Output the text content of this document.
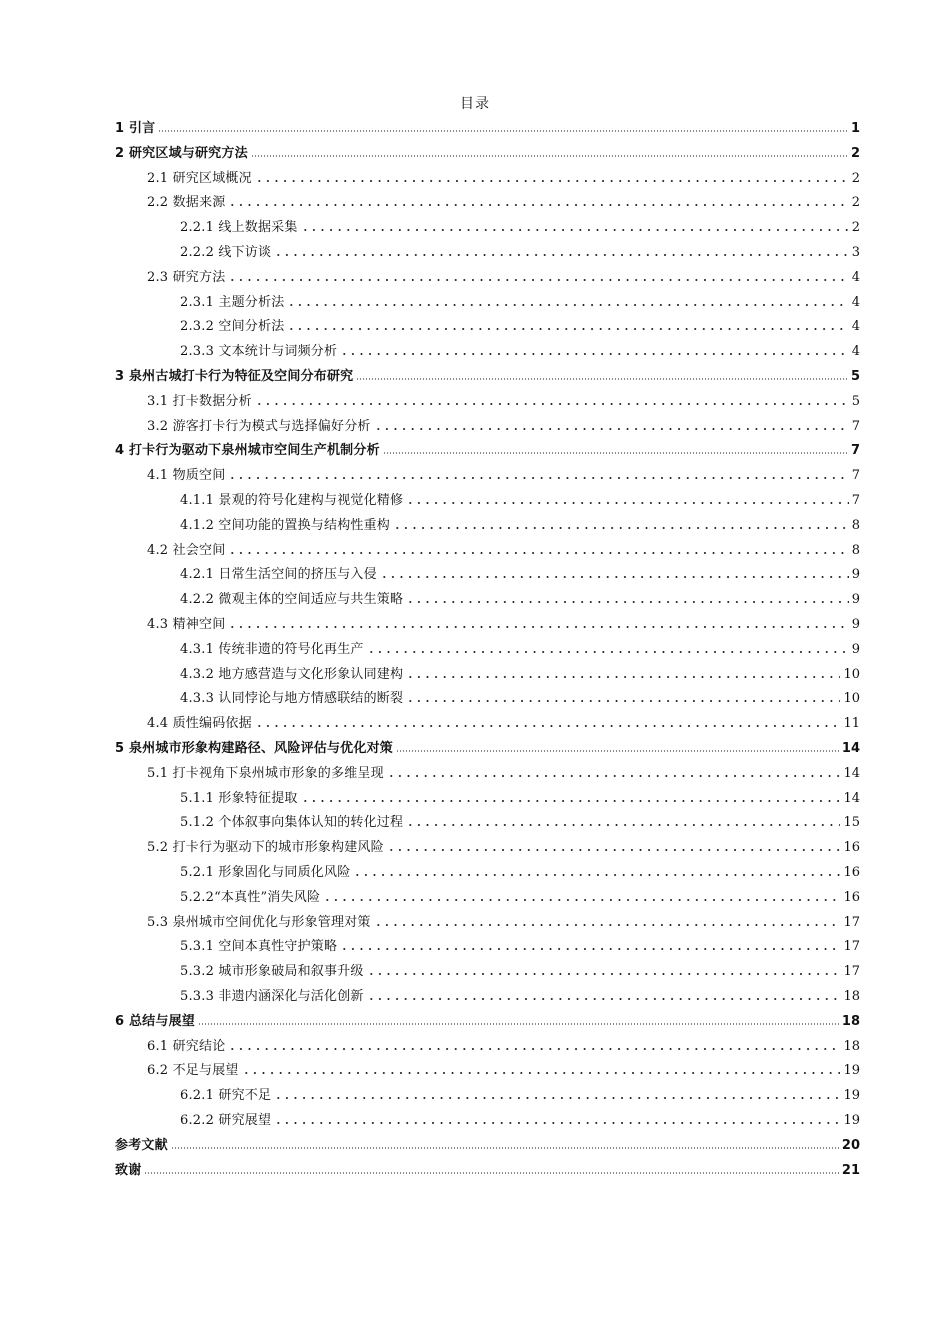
目录
1 引言	1
2 研究区域与研究方法	2
2.1 研究区域概况	2
2.2 数据来源	2
2.2.1 线上数据采集	2
2.2.2 线下访谈	3
2.3 研究方法	4
2.3.1 主题分析法	4
2.3.2 空间分析法	4
2.3.3 文本统计与词频分析	4
3 泉州古城打卡行为特征及空间分布研究	5
3.1 打卡数据分析	5
3.2 游客打卡行为模式与选择偏好分析	7
4 打卡行为驱动下泉州城市空间生产机制分析	7
4.1 物质空间	7
4.1.1 景观的符号化建构与视觉化精修	7
4.1.2 空间功能的置换与结构性重构	8
4.2 社会空间	8
4.2.1 日常生活空间的挤压与入侵	9
4.2.2 微观主体的空间适应与共生策略	9
4.3 精神空间	9
4.3.1 传统非遗的符号化再生产	9
4.3.2 地方感营造与文化形象认同建构	10
4.3.3 认同悖论与地方情感联结的断裂	10
4.4 质性编码依据	11
5 泉州城市形象构建路径、风险评估与优化对策	14
5.1 打卡视角下泉州城市形象的多维呈现	14
5.1.1 形象特征提取	14
5.1.2 个体叙事向集体认知的转化过程	15
5.2 打卡行为驱动下的城市形象构建风险	16
5.2.1 形象固化与同质化风险	16
5.2.2“本真性”消失风险	16
5.3 泉州城市空间优化与形象管理对策	17
5.3.1 空间本真性守护策略	17
5.3.2 城市形象破局和叙事升级	17
5.3.3 非遗内涵深化与活化创新	18
6 总结与展望	18
6.1 研究结论	18
6.2 不足与展望	19
6.2.1 研究不足	19
6.2.2 研究展望	19
参考文献	20
致谢	21
